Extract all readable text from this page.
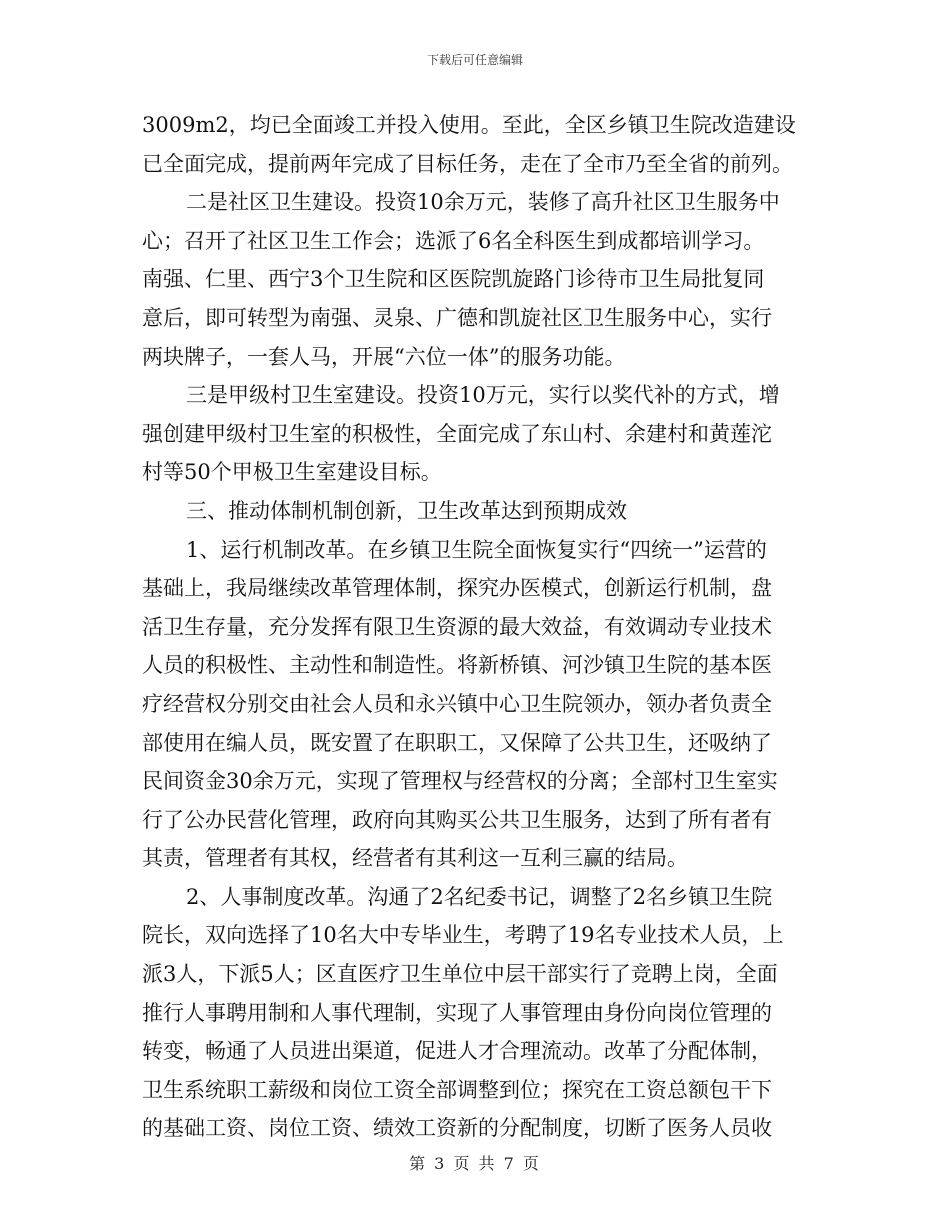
下载后可任意编辑
3009m2，均已全面竣工并投入使用。至此，全区乡镇卫生院改造建设
已全面完成，提前两年完成了目标任务，走在了全市乃至全省的前列。
二是社区卫生建设。投资10余万元，装修了高升社区卫生服务中
心；召开了社区卫生工作会；选派了6名全科医生到成都培训学习。
南强、仁里、西宁3个卫生院和区医院凯旋路门诊待市卫生局批复同
意后，即可转型为南强、灵泉、广德和凯旋社区卫生服务中心，实行
两块牌子，一套人马，开展“六位一体”的服务功能。
三是甲级村卫生室建设。投资10万元，实行以奖代补的方式，增
强创建甲级村卫生室的积极性，全面完成了东山村、余建村和黄莲沱
村等50个甲极卫生室建设目标。
三、推动体制机制创新，卫生改革达到预期成效
1、运行机制改革。在乡镇卫生院全面恢复实行“四统一”运营的
基础上，我局继续改革管理体制，探究办医模式，创新运行机制，盘
活卫生存量，充分发挥有限卫生资源的最大效益，有效调动专业技术
人员的积极性、主动性和制造性。将新桥镇、河沙镇卫生院的基本医
疗经营权分别交由社会人员和永兴镇中心卫生院领办，领办者负责全
部使用在编人员，既安置了在职职工，又保障了公共卫生，还吸纳了
民间资金30余万元，实现了管理权与经营权的分离；全部村卫生室实
行了公办民营化管理，政府向其购买公共卫生服务，达到了所有者有
其责，管理者有其权，经营者有其利这一互利三赢的结局。
2、人事制度改革。沟通了2名纪委书记，调整了2名乡镇卫生院
院长，双向选择了10名大中专毕业生，考聘了19名专业技术人员，上
派3人，下派5人；区直医疗卫生单位中层干部实行了竞聘上岗，全面
推行人事聘用制和人事代理制，实现了人事管理由身份向岗位管理的
转变，畅通了人员进出渠道，促进人才合理流动。改革了分配体制，
卫生系统职工薪级和岗位工资全部调整到位；探究在工资总额包干下
的基础工资、岗位工资、绩效工资新的分配制度，切断了医务人员收
第 3 页 共 7 页
